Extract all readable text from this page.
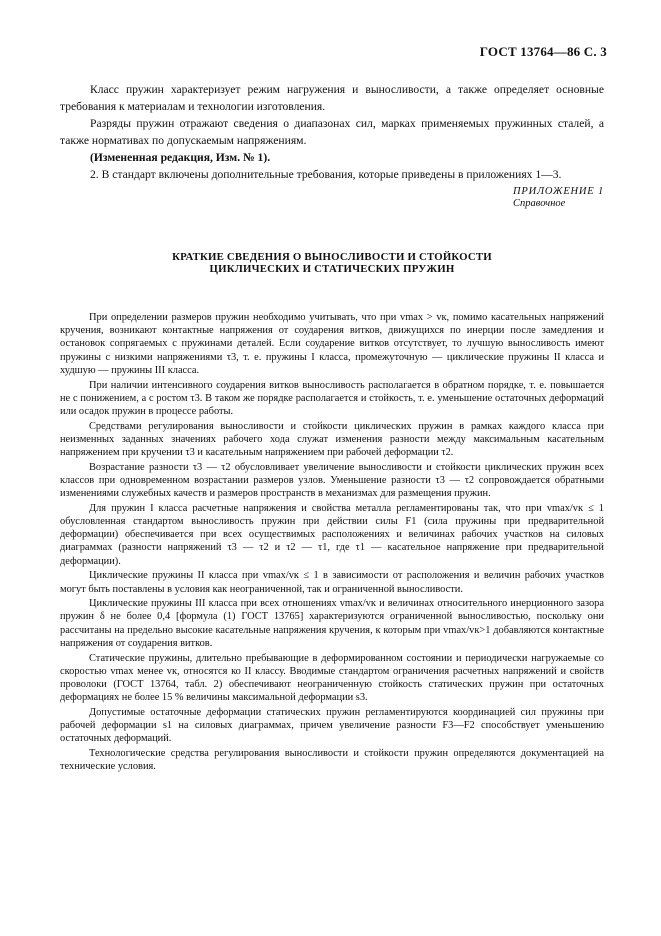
ГОСТ 13764—86 С. 3

Класс пружин характеризует режим нагружения и выносливости, а также определяет основные требования к материалам и технологии изготовления.

Разряды пружин отражают сведения о диапазонах сил, марках применяемых пружинных сталей, а также нормативах по допускаемым напряжениям.

(Измененная редакция, Изм. № 1).

2. В стандарт включены дополнительные требования, которые приведены в приложениях 1—3.

ПРИЛОЖЕНИЕ 1
Справочное
КРАТКИЕ СВЕДЕНИЯ О ВЫНОСЛИВОСТИ И СТОЙКОСТИ
ЦИКЛИЧЕСКИХ И СТАТИЧЕСКИХ ПРУЖИН

При определении размеров пружин необходимо учитывать, что при vmax > vк, помимо касательных напряжений кручения, возникают контактные напряжения от соударения витков, движущихся по инерции после замедления и остановок сопрягаемых с пружинами деталей. Если соударение витков отсутствует, то лучшую выносливость имеют пружины с низкими напряжениями τ3, т. е. пружины I класса, промежуточную — циклические пружины II класса и худшую — пружины III класса.

При наличии интенсивного соударения витков выносливость располагается в обратном порядке, т. е. повышается не с понижением, а с ростом τ3. В таком же порядке располагается и стойкость, т. е. уменьшение остаточных деформаций или осадок пружин в процессе работы.

Средствами регулирования выносливости и стойкости циклических пружин в рамках каждого класса при неизменных заданных значениях рабочего хода служат изменения разности между максимальным касательным напряжением при кручении τ3 и касательным напряжением при рабочей деформации τ2.

Возрастание разности τ3 — τ2 обусловливает увеличение выносливости и стойкости циклических пружин всех классов при одновременном возрастании размеров узлов. Уменьшение разности τ3 — τ2 сопровождается обратными изменениями служебных качеств и размеров пространств в механизмах для размещения пружин.

Для пружин I класса расчетные напряжения и свойства металла регламентированы так, что при vmax/vк ≤ 1 обусловленная стандартом выносливость пружин при действии силы F1 (сила пружины при предварительной деформации) обеспечивается при всех осуществимых расположениях и величинах рабочих участков на силовых диаграммах (разности напряжений τ3 — τ2 и τ2 — τ1, где τ1 — касательное напряжение при предварительной деформации).

Циклические пружины II класса при vmax/vк ≤ 1 в зависимости от расположения и величин рабочих участков могут быть поставлены в условия как неограниченной, так и ограниченной выносливости.

Циклические пружины III класса при всех отношениях vmax/vк и величинах относительного инерционного зазора пружин δ не более 0,4 [формула (1) ГОСТ 13765] характеризуются ограниченной выносливостью, поскольку они рассчитаны на предельно высокие касательные напряжения кручения, к которым при vmax/vк>1 добавляются контактные напряжения от соударения витков.

Статические пружины, длительно пребывающие в деформированном состоянии и периодически нагружаемые со скоростью vmax менее vк, относятся ко II классу. Вводимые стандартом ограничения расчетных напряжений и свойств проволоки (ГОСТ 13764, табл. 2) обеспечивают неограниченную стойкость статических пружин при остаточных деформациях не более 15 % величины максимальной деформации s3.

Допустимые остаточные деформации статических пружин регламентируются координацией сил пружины при рабочей деформации s1 на силовых диаграммах, причем увеличение разности F3—F2 способствует уменьшению остаточных деформаций.

Технологические средства регулирования выносливости и стойкости пружин определяются документацией на технические условия.
